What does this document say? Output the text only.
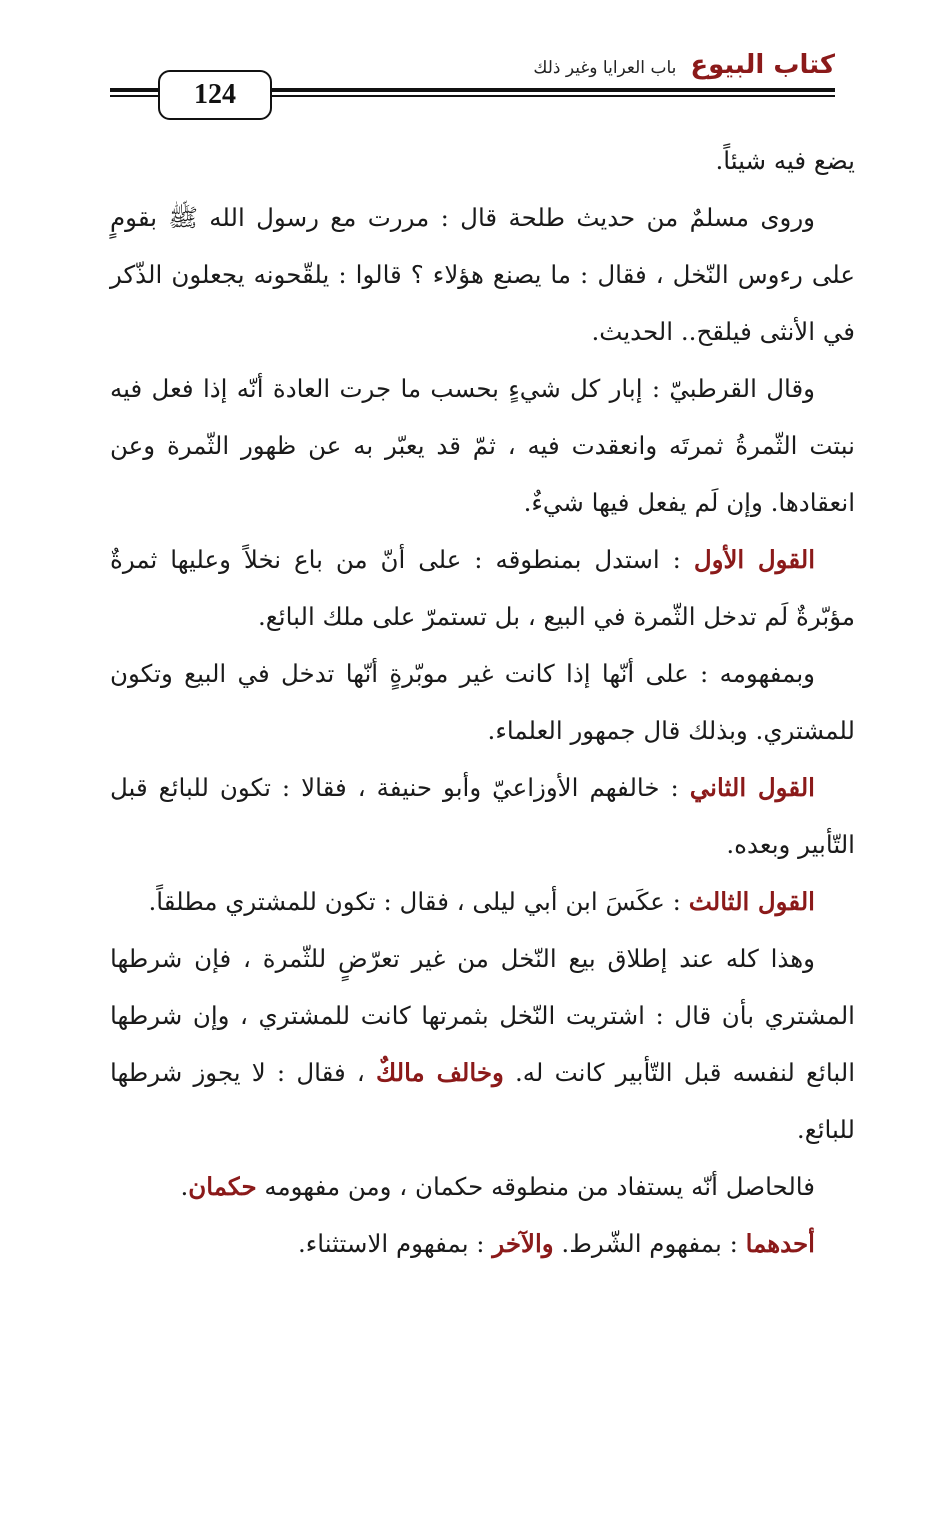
كتاب البيوع
باب العرايا وغير ذلك
124

يضع فيه شيئاً.

وروى مسلمٌ من حديث طلحة قال : مررت مع رسول الله ﷺ بقومٍ على رءوس النّخل ، فقال : ما يصنع هؤلاء ؟ قالوا : يلقّحونه يجعلون الذّكر في الأنثى فيلقح.. الحديث.

وقال القرطبيّ : إبار كل شيءٍ بحسب ما جرت العادة أنّه إذا فعل فيه نبتت الثّمرةُ ثمرتَه وانعقدت فيه ، ثمّ قد يعبّر به عن ظهور الثّمرة وعن انعقادها. وإن لَم يفعل فيها شيءٌ.

القول الأول : استدل بمنطوقه : على أنّ من باع نخلاً وعليها ثمرةٌ مؤبّرةٌ لَم تدخل الثّمرة في البيع ، بل تستمرّ على ملك البائع.

وبمفهومه : على أنّها إذا كانت غير موبّرةٍ أنّها تدخل في البيع وتكون للمشتري. وبذلك قال جمهور العلماء.

القول الثاني : خالفهم الأوزاعيّ وأبو حنيفة ، فقالا : تكون للبائع قبل التّأبير وبعده.

القول الثالث : عكَسَ ابن أبي ليلى ، فقال : تكون للمشتري مطلقاً.

وهذا كله عند إطلاق بيع النّخل من غير تعرّضٍ للثّمرة ، فإن شرطها المشتري بأن قال : اشتريت النّخل بثمرتها كانت للمشتري ، وإن شرطها البائع لنفسه قبل التّأبير كانت له. وخالف مالكٌ ، فقال : لا يجوز شرطها للبائع.

فالحاصل أنّه يستفاد من منطوقه حكمان ، ومن مفهومه حكمان.

أحدهما : بمفهوم الشّرط. والآخر : بمفهوم الاستثناء.
